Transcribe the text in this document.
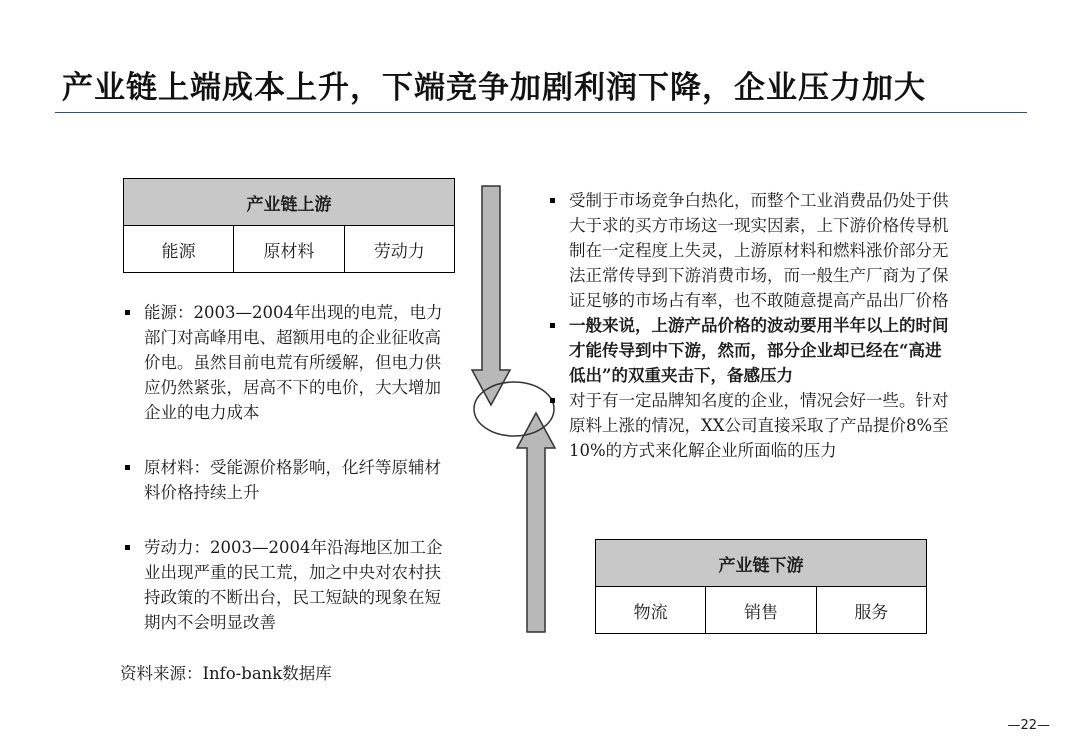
产业链上端成本上升，下端竞争加剧利润下降，企业压力加大
产业链上游
能源	原材料	劳动力
能源：2003—2004年出现的电荒，电力部门对高峰用电、超额用电的企业征收高价电。虽然目前电荒有所缓解，但电力供应仍然紧张，居高不下的电价，大大增加企业的电力成本
原材料：受能源价格影响，化纤等原辅材料价格持续上升
劳动力：2003—2004年沿海地区加工企业出现严重的民工荒，加之中央对农村扶持政策的不断出台，民工短缺的现象在短期内不会明显改善
受制于市场竞争白热化，而整个工业消费品仍处于供大于求的买方市场这一现实因素，上下游价格传导机制在一定程度上失灵，上游原材料和燃料涨价部分无法正常传导到下游消费市场，而一般生产厂商为了保证足够的市场占有率，也不敢随意提高产品出厂价格
一般来说，上游产品价格的波动要用半年以上的时间才能传导到中下游，然而，部分企业却已经在“高进低出”的双重夹击下，备感压力
对于有一定品牌知名度的企业，情况会好一些。针对原料上涨的情况，XX公司直接采取了产品提价8%至10%的方式来化解企业所面临的压力
产业链下游
物流	销售	服务
资料来源：Info-bank数据库
—22—
